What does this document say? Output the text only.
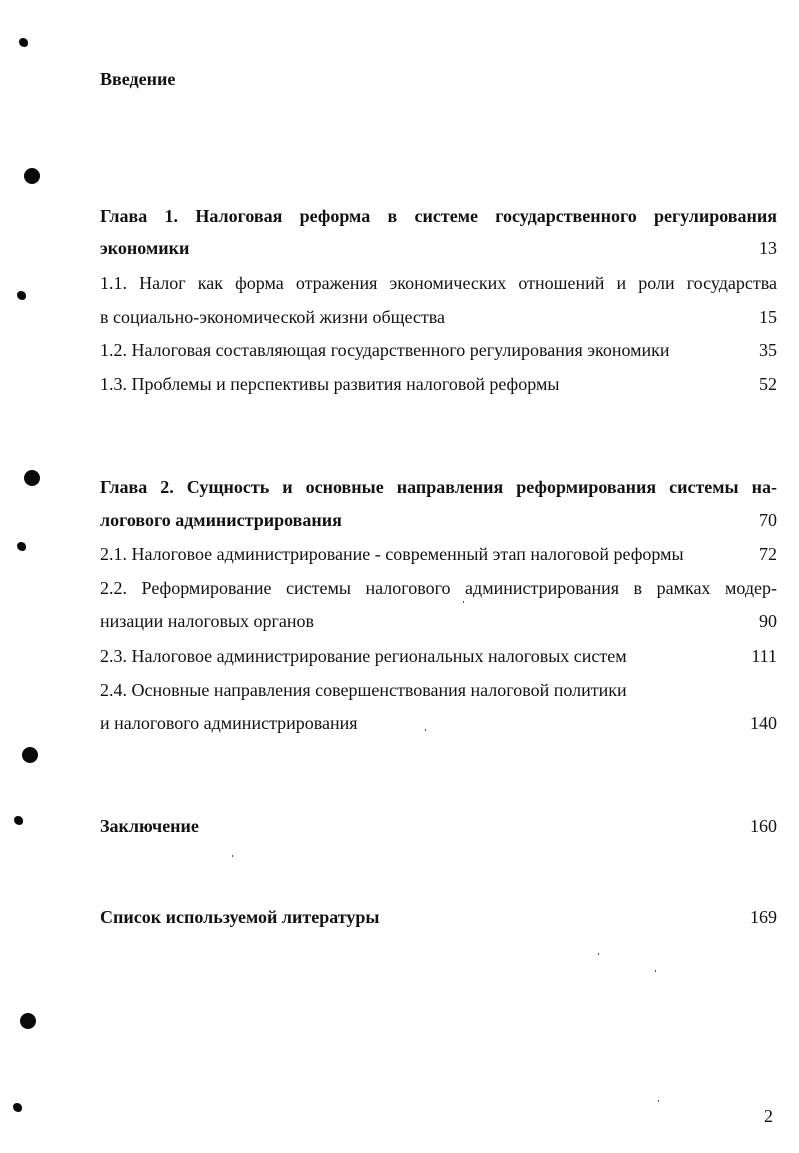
Введение
Глава 1. Налоговая реформа в системе государственного регулирования
экономики	13
1.1. Налог как форма отражения экономических отношений и роли государства
в социально-экономической жизни общества	15
1.2. Налоговая составляющая государственного регулирования экономики	35
1.3. Проблемы и перспективы развития налоговой реформы	52
Глава 2. Сущность и основные направления реформирования системы на-
логового администрирования	70
2.1. Налоговое администрирование - современный этап налоговой реформы	72
2.2. Реформирование системы налогового администрирования в рамках модер-
низации налоговых органов	90
2.3. Налоговое администрирование региональных налоговых систем	111
2.4. Основные направления совершенствования налоговой политики
и налогового администрирования	140
Заключение	160
Список используемой литературы	169
2
